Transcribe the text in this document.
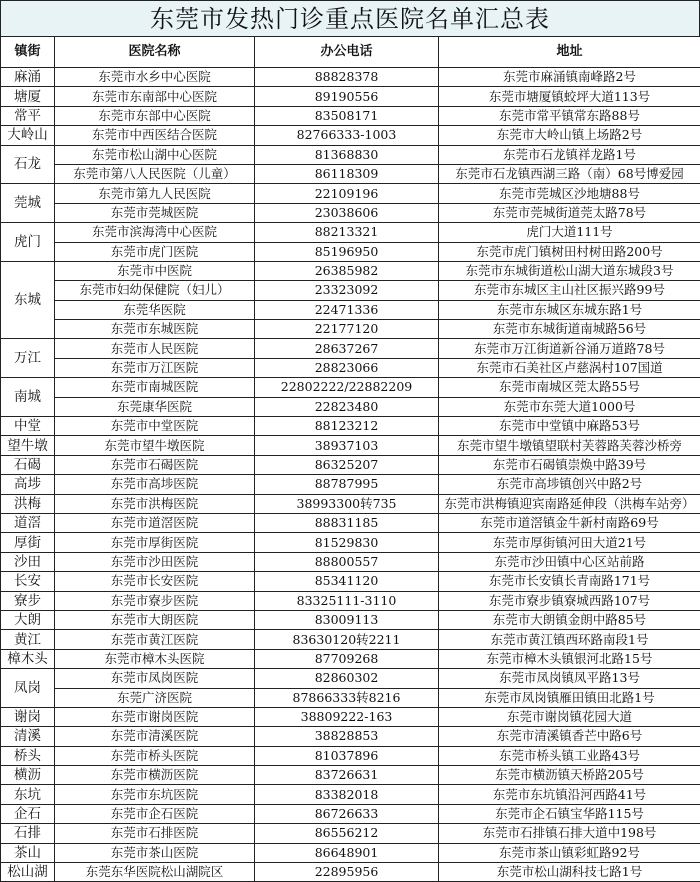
东莞市发热门诊重点医院名单汇总表
镇街	医院名称	办公电话	地址
麻涌	东莞市水乡中心医院	88828378	东莞市麻涌镇南峰路2号
塘厦	东莞市东南部中心医院	89190556	东莞市塘厦镇蛟坪大道113号
常平	东莞市东部中心医院	83508171	东莞市常平镇常东路88号
大岭山	东莞市中西医结合医院	82766333-1003	东莞市大岭山镇上场路2号
石龙	东莞市松山湖中心医院	81368830	东莞市石龙镇祥龙路1号
	东莞市第八人民医院（儿童）	86118309	东莞市石龙镇西湖三路（南）68号博爱园
莞城	东莞市第九人民医院	22109196	东莞市莞城区沙地塘88号
	东莞市莞城医院	23038606	东莞市莞城街道莞太路78号
虎门	东莞市滨海湾中心医院	88213321	虎门大道111号
	东莞市虎门医院	85196950	东莞市虎门镇树田村树田路200号
东城	东莞市中医院	26385982	东莞市东城街道松山湖大道东城段3号
	东莞市妇幼保健院（妇儿）	23323092	东莞市东城区主山社区振兴路99号
	东莞华医院	22471336	东莞市东城区东城东路1号
	东莞市东城医院	22177120	东莞市东城街道南城路56号
万江	东莞市人民医院	28637267	东莞市万江街道新谷涌万道路78号
	东莞市万江医院	28823066	东莞市石美社区卢慈涡村107国道
南城	东莞市南城医院	22802222/22882209	东莞市南城区莞太路55号
	东莞康华医院	22823480	东莞市东莞大道1000号
中堂	东莞市中堂医院	88123212	东莞市中堂镇中麻路53号
望牛墩	东莞市望牛墩医院	38937103	东莞市望牛墩镇望联村芙蓉路芙蓉沙桥旁
石碣	东莞市石碣医院	86325207	东莞市石碣镇崇焕中路39号
高埗	东莞市高埗医院	88787995	东莞市高埗镇创兴中路2号
洪梅	东莞市洪梅医院	38993300转735	东莞市洪梅镇迎宾南路延伸段（洪梅车站旁）
道滘	东莞市道滘医院	88831185	东莞市道滘镇金牛新村南路69号
厚街	东莞市厚街医院	81529830	东莞市厚街镇河田大道21号
沙田	东莞市沙田医院	88800557	东莞市沙田镇中心区站前路
长安	东莞市长安医院	85341120	东莞市长安镇长青南路171号
寮步	东莞市寮步医院	83325111-3110	东莞市寮步镇寮城西路107号
大朗	东莞市大朗医院	83009113	东莞市大朗镇金朗中路85号
黄江	东莞市黄江医院	83630120转2211	东莞市黄江镇西环路南段1号
樟木头	东莞市樟木头医院	87709268	东莞市樟木头镇银河北路15号
凤岗	东莞市凤岗医院	82860302	东莞市凤岗镇凤平路13号
	东莞广济医院	87866333转8216	东莞市凤岗镇雁田镇田北路1号
谢岗	东莞市谢岗医院	38809222-163	东莞市谢岗镇花园大道
清溪	东莞市清溪医院	38828853	东莞市清溪镇香芒中路6号
桥头	东莞市桥头医院	81037896	东莞市桥头镇工业路43号
横沥	东莞市横沥医院	83726631	东莞市横沥镇天桥路205号
东坑	东莞市东坑医院	83382018	东莞市东坑镇沿河西路41号
企石	东莞市企石医院	86726633	东莞市企石镇宝华路115号
石排	东莞市石排医院	86556212	东莞市石排镇石排大道中198号
茶山	东莞市茶山医院	86648901	东莞市茶山镇彩虹路92号
松山湖	东莞东华医院松山湖院区	22895956	东莞市松山湖科技七路1号
